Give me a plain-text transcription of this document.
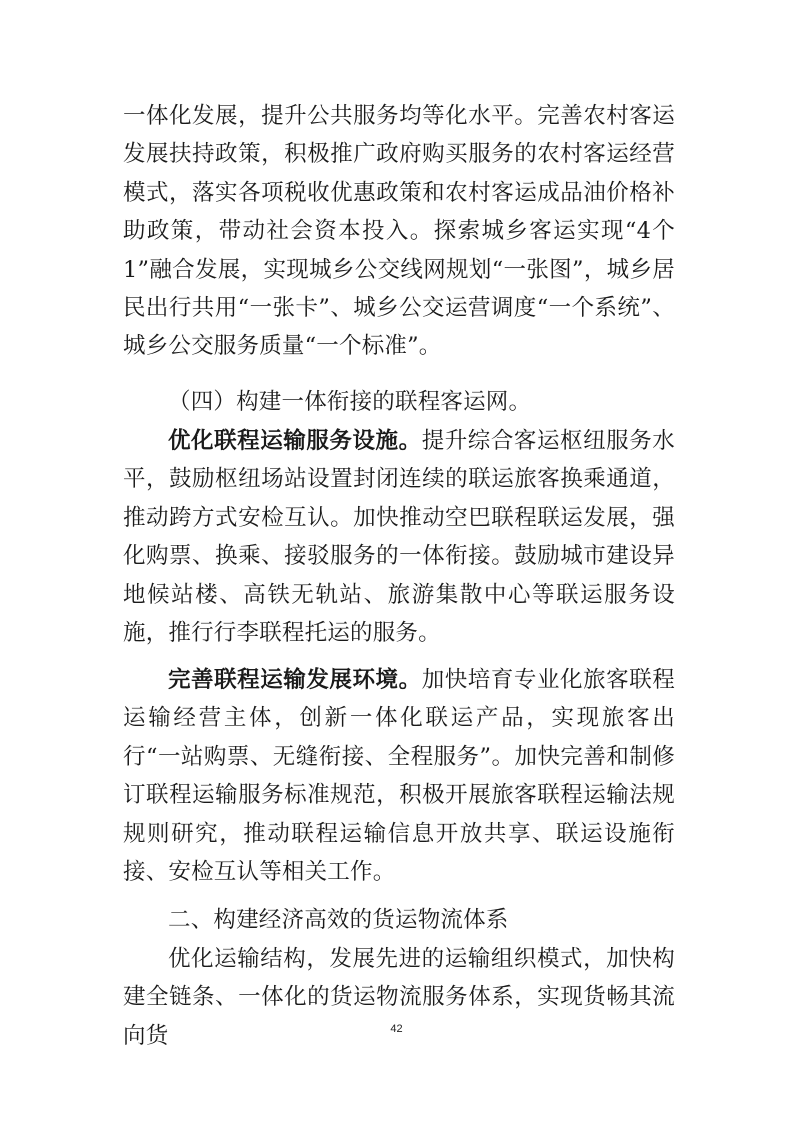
一体化发展，提升公共服务均等化水平。完善农村客运发展扶持政策，积极推广政府购买服务的农村客运经营模式，落实各项税收优惠政策和农村客运成品油价格补助政策，带动社会资本投入。探索城乡客运实现“4个1”融合发展，实现城乡公交线网规划“一张图”，城乡居民出行共用“一张卡”、城乡公交运营调度“一个系统”、城乡公交服务质量“一个标准”。

（四）构建一体衔接的联程客运网。

优化联程运输服务设施。提升综合客运枢纽服务水平，鼓励枢纽场站设置封闭连续的联运旅客换乘通道，推动跨方式安检互认。加快推动空巴联程联运发展，强化购票、换乘、接驳服务的一体衔接。鼓励城市建设异地候站楼、高铁无轨站、旅游集散中心等联运服务设施，推行行李联程托运的服务。

完善联程运输发展环境。加快培育专业化旅客联程运输经营主体，创新一体化联运产品，实现旅客出行“一站购票、无缝衔接、全程服务”。加快完善和制修订联程运输服务标准规范，积极开展旅客联程运输法规规则研究，推动联程运输信息开放共享、联运设施衔接、安检互认等相关工作。

二、构建经济高效的货运物流体系

优化运输结构，发展先进的运输组织模式，加快构建全链条、一体化的货运物流服务体系，实现货畅其流向货	42
